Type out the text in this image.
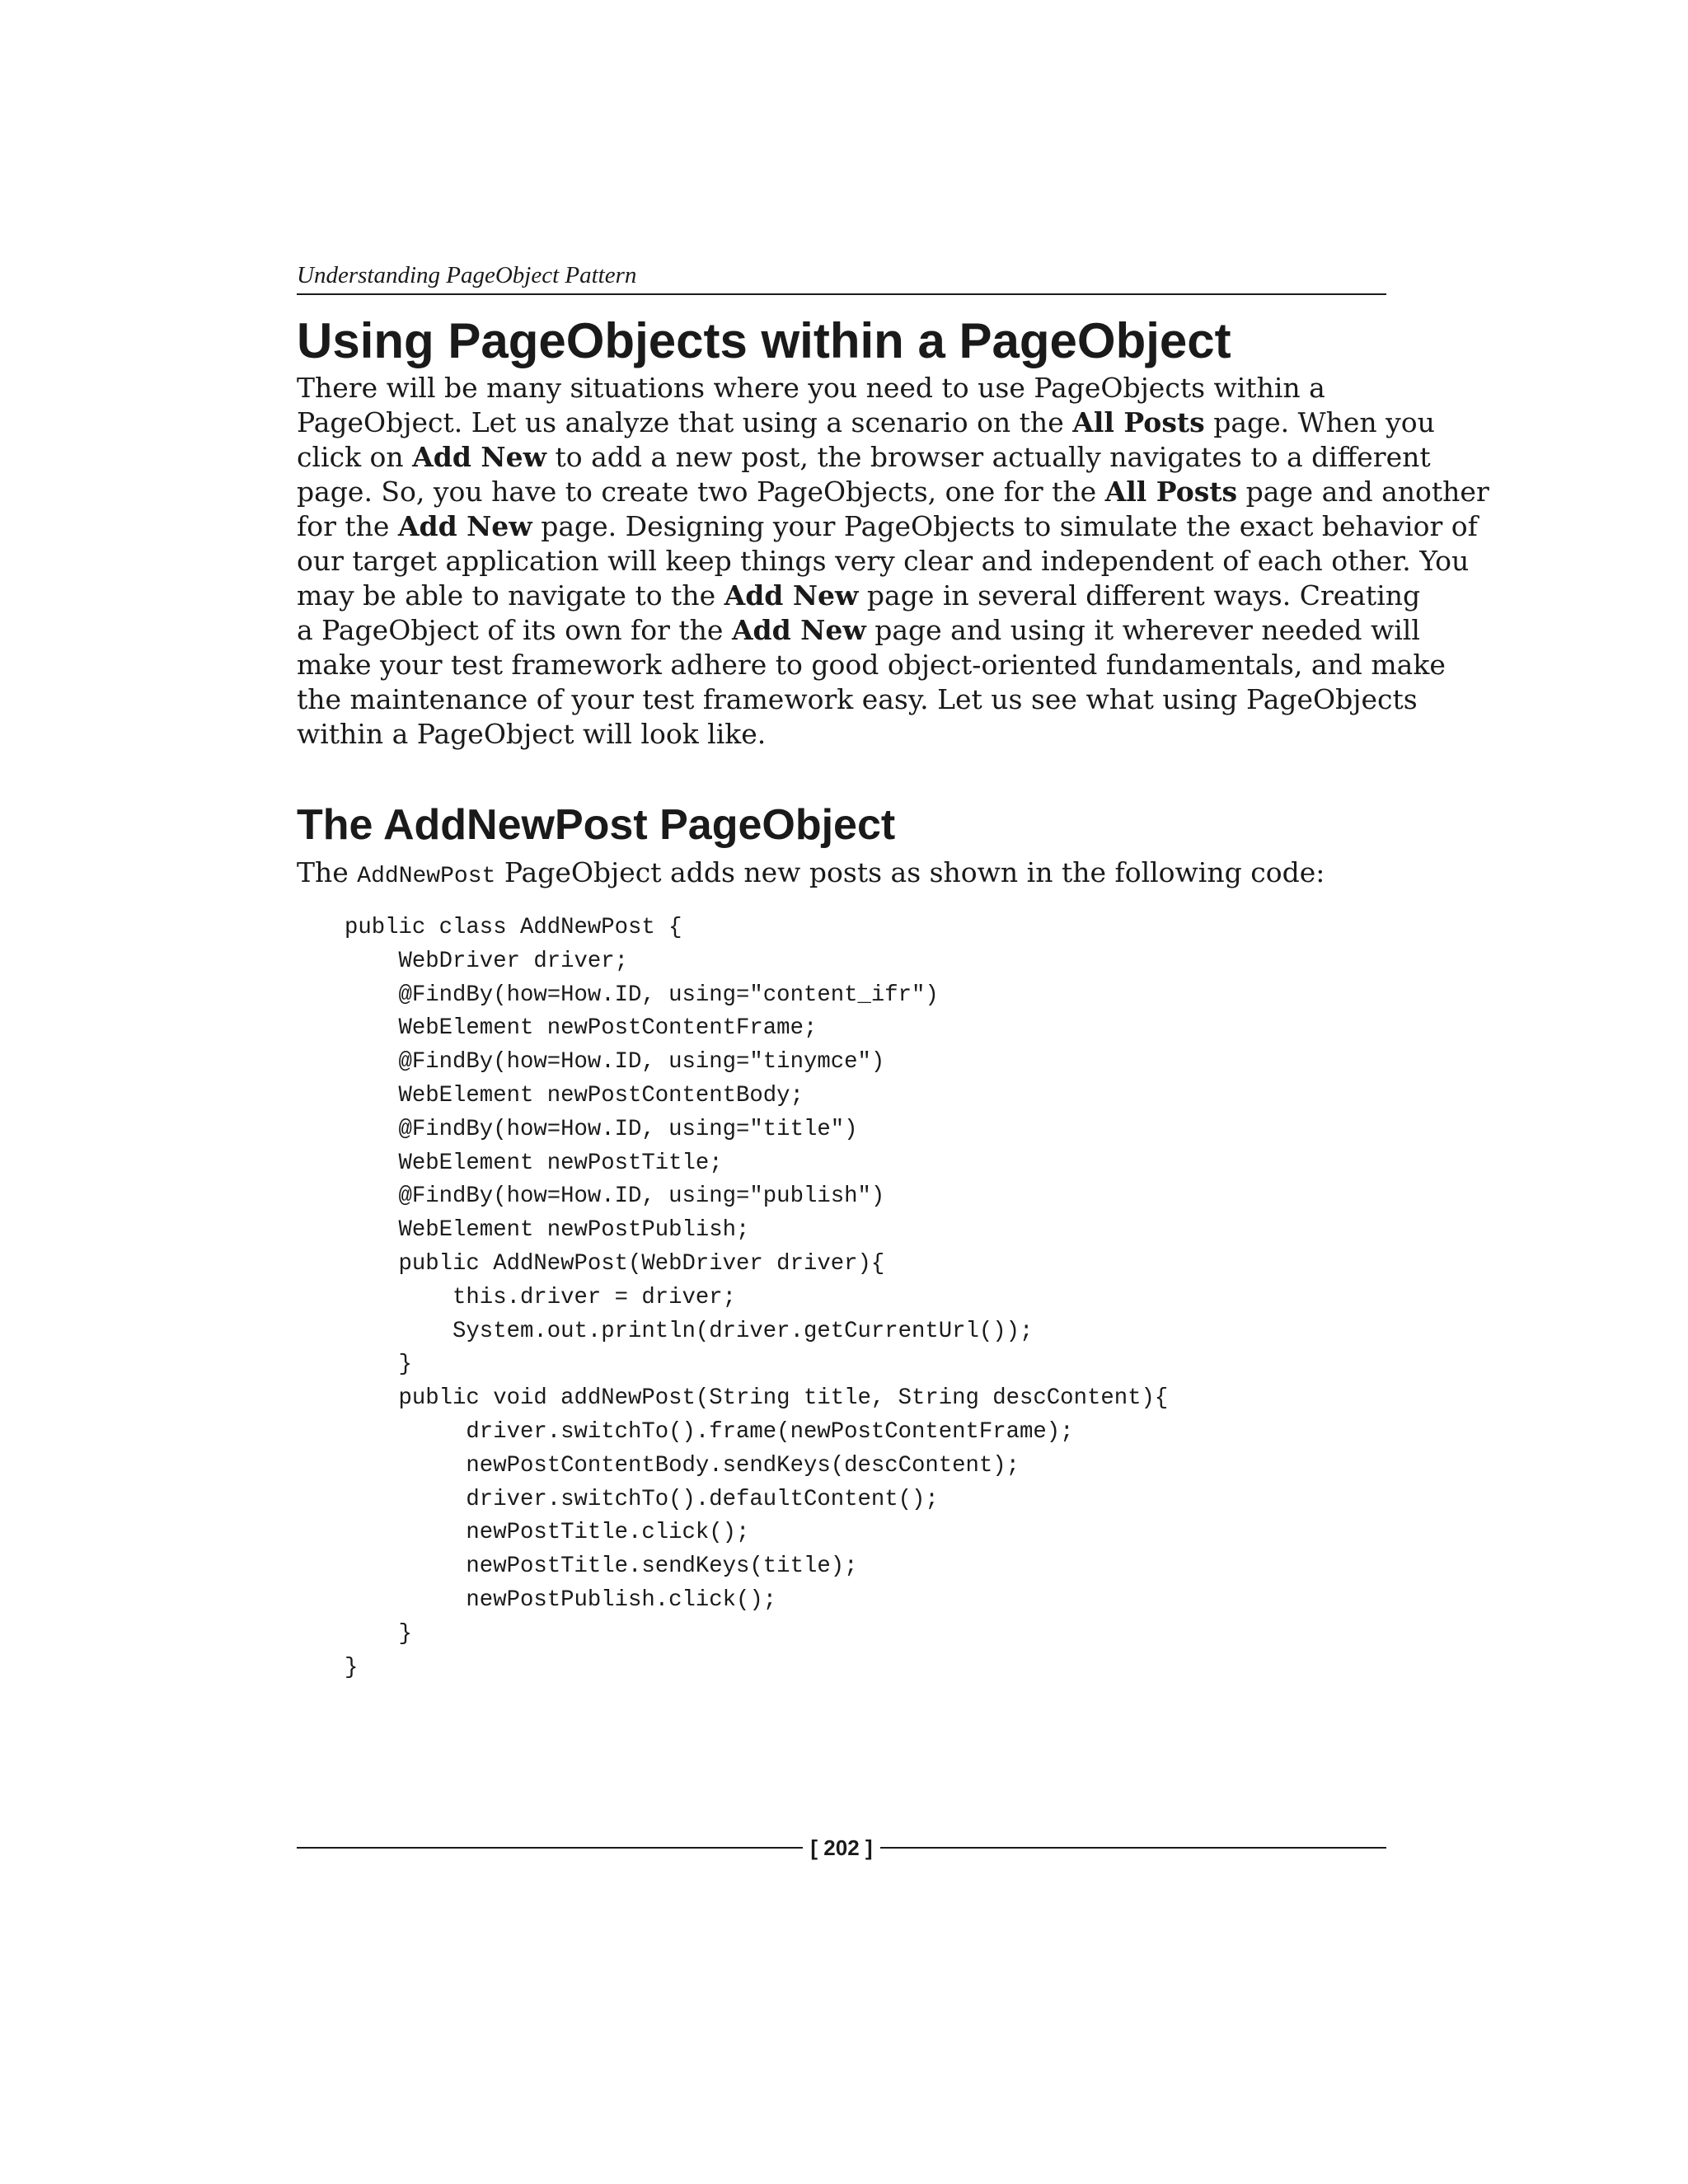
Understanding PageObject Pattern
Using PageObjects within a PageObject

There will be many situations where you need to use PageObjects within a
PageObject. Let us analyze that using a scenario on the All Posts page. When you
click on Add New to add a new post, the browser actually navigates to a different
page. So, you have to create two PageObjects, one for the All Posts page and another
for the Add New page. Designing your PageObjects to simulate the exact behavior of
our target application will keep things very clear and independent of each other. You
may be able to navigate to the Add New page in several different ways. Creating
a PageObject of its own for the Add New page and using it wherever needed will
make your test framework adhere to good object-oriented fundamentals, and make
the maintenance of your test framework easy. Let us see what using PageObjects
within a PageObject will look like.

The AddNewPost PageObject

The AddNewPost PageObject adds new posts as shown in the following code:

public class AddNewPost {
WebDriver driver;
@FindBy(how=How.ID, using="content_ifr")
WebElement newPostContentFrame;
@FindBy(how=How.ID, using="tinymce")
WebElement newPostContentBody;
@FindBy(how=How.ID, using="title")
WebElement newPostTitle;
@FindBy(how=How.ID, using="publish")
WebElement newPostPublish;
public AddNewPost(WebDriver driver){
this.driver = driver;
System.out.println(driver.getCurrentUrl());
}
public void addNewPost(String title, String descContent){
driver.switchTo().frame(newPostContentFrame);
newPostContentBody.sendKeys(descContent);
driver.switchTo().defaultContent();
newPostTitle.click();
newPostTitle.sendKeys(title);
newPostPublish.click();
}
}
[ 202 ]
